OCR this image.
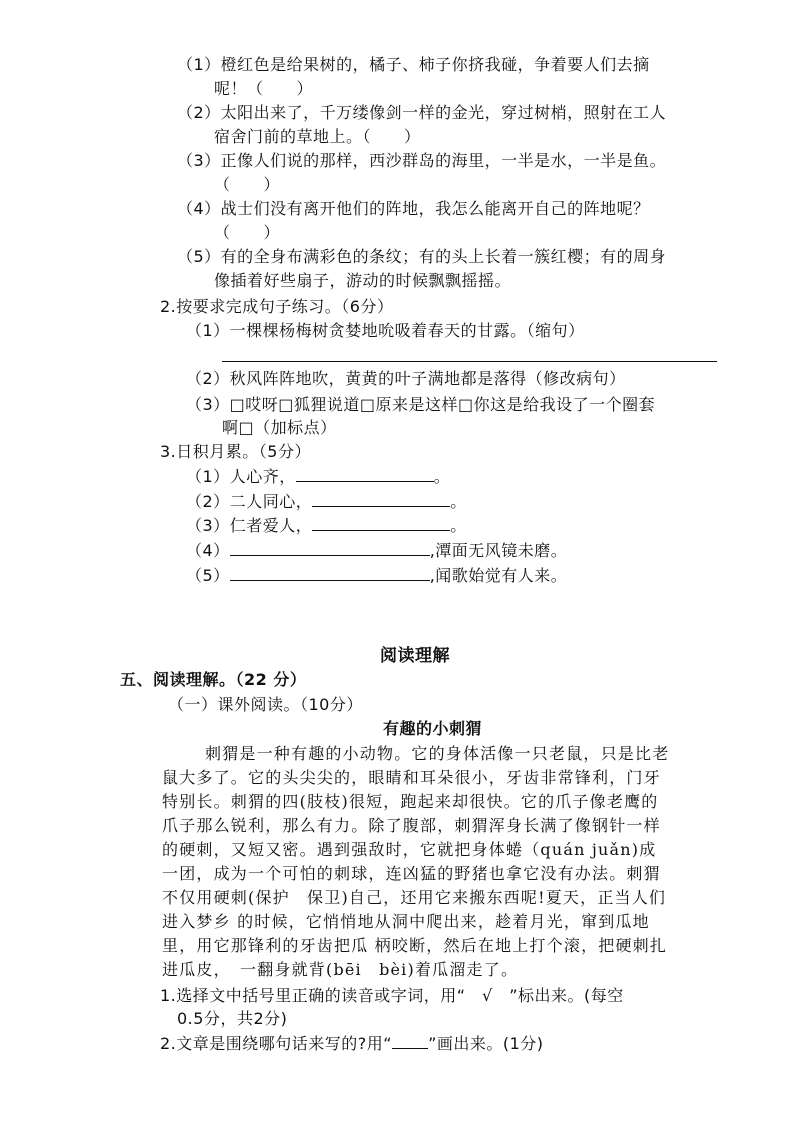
（1）橙红色是给果树的，橘子、柿子你挤我碰，争着要人们去摘
呢！（　　）
（2）太阳出来了，千万缕像剑一样的金光，穿过树梢，照射在工人
宿舍门前的草地上。（　　）
（3）正像人们说的那样，西沙群岛的海里，一半是水，一半是鱼。
（　　）
（4）战士们没有离开他们的阵地，我怎么能离开自己的阵地呢？
（　　）
（5）有的全身布满彩色的条纹；有的头上长着一簇红樱；有的周身
像插着好些扇子，游动的时候飘飘摇摇。
2.按要求完成句子练习。（6分）
（1）一棵棵杨梅树贪婪地吮吸着春天的甘露。（缩句）
（2）秋风阵阵地吹，黄黄的叶子满地都是落得（修改病句）
（3）□哎呀□狐狸说道□原来是这样□你这是给我设了一个圈套
啊□（加标点）
3.日积月累。（5分）
（1）人心齐，	。
（2）二人同心，	。
（3）仁者爱人，	。
（4）	,潭面无风镜未磨。
（5）	,闻歌始觉有人来。
阅读理解
五、阅读理解。（22 分）
（一）课外阅读。（10分）
有趣的小刺猬
刺猬是一种有趣的小动物。它的身体活像一只老鼠，只是比老
鼠大多了。它的头尖尖的，眼睛和耳朵很小，牙齿非常锋利，门牙
特别长。刺猬的四(肢枝)很短，跑起来却很快。它的爪子像老鹰的
爪子那么锐利，那么有力。除了腹部，刺猬浑身长满了像钢针一样
的硬刺，又短又密。遇到强敌时，它就把身体蜷（quán juǎn)成
一团，成为一个可怕的刺球，连凶猛的野猪也拿它没有办法。刺猬
不仅用硬刺(保护　保卫)自己，还用它来搬东西呢!夏天，正当人们
进入梦乡 的时候，它悄悄地从洞中爬出来，趁着月光，窜到瓜地
里，用它那锋利的牙齿把瓜 柄咬断，然后在地上打个滚，把硬刺扎
进瓜皮，　一翻身就背(bēi　bèi)着瓜溜走了。
1.选择文中括号里正确的读音或字词，用“　√　”标出来。(每空
0.5分，共2分)
2.文章是围绕哪句话来写的?用“ ”画出来。(1分)
